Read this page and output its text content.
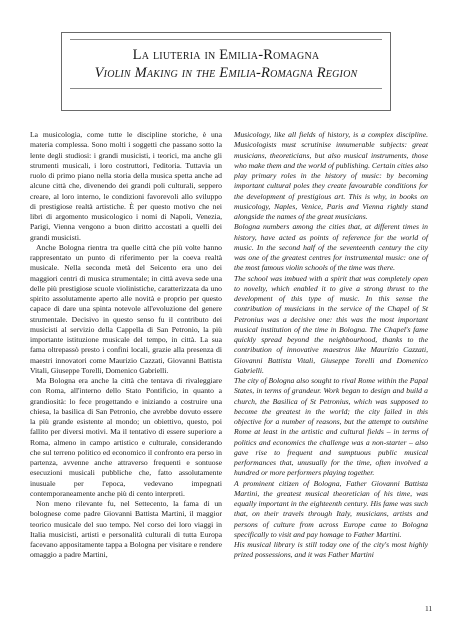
La liuteria in Emilia-Romagna
Violin Making in the Emilia-Romagna Region

La musicologia, come tutte le discipline storiche, è una materia complessa. Sono molti i soggetti che passano sotto la lente degli studiosi: i grandi musicisti, i teorici, ma anche gli strumenti musicali, i loro costruttori, l'editoria. Tuttavia un ruolo di primo piano nella storia della musica spetta anche ad alcune città che, divenendo dei grandi poli culturali, seppero creare, al loro interno, le condizioni favorevoli allo sviluppo di prestigiose realtà artistiche. È per questo motivo che nei libri di argomento musicologico i nomi di Napoli, Venezia, Parigi, Vienna vengono a buon diritto accostati a quelli dei grandi musicisti.

Anche Bologna rientra tra quelle città che più volte hanno rappresentato un punto di riferimento per la coeva realtà musicale. Nella seconda metà del Seicento era uno dei maggiori centri di musica strumentale; in città aveva sede una delle più prestigiose scuole violinistiche, caratterizzata da uno spirito assolutamente aperto alle novità e proprio per questo capace di dare una spinta notevole all'evoluzione del genere strumentale. Decisivo in questo senso fu il contributo dei musicisti al servizio della Cappella di San Petronio, la più importante istituzione musicale del tempo, in città. La sua fama oltrepassò presto i confini locali, grazie alla presenza di maestri innovatori come Maurizio Cazzati, Giovanni Battista Vitali, Giuseppe Torelli, Domenico Gabrielli.

Ma Bologna era anche la città che tentava di rivaleggiare con Roma, all'interno dello Stato Pontificio, in quanto a grandiosità: lo fece progettando e iniziando a costruire una chiesa, la basilica di San Petronio, che avrebbe dovuto essere la più grande esistente al mondo; un obiettivo, questo, poi fallito per diversi motivi. Ma il tentativo di essere superiore a Roma, almeno in campo artistico e culturale, considerando che sul terreno politico ed economico il confronto era perso in partenza, avvenne anche attraverso frequenti e sontuose esecuzioni musicali pubbliche che, fatto assolutamente inusuale per l'epoca, vedevano impegnati contemporaneamente anche più di cento interpreti.

Non meno rilevante fu, nel Settecento, la fama di un bolognese come padre Giovanni Battista Martini, il maggior teorico musicale del suo tempo. Nel corso dei loro viaggi in Italia musicisti, artisti e personalità culturali di tutta Europa facevano appositamente tappa a Bologna per visitare e rendere omaggio a padre Martini,

Musicology, like all fields of history, is a complex discipline. Musicologists must scrutinise innumerable subjects: great musicians, theoreticians, but also musical instruments, those who make them and the world of publishing. Certain cities also play primary roles in the history of music: by becoming important cultural poles they create favourable conditions for the development of prestigious art. This is why, in books on musicology, Naples, Venice, Paris and Vienna rightly stand alongside the names of the great musicians.

Bologna numbers among the cities that, at different times in history, have acted as points of reference for the world of music. In the second half of the seventeenth century the city was one of the greatest centres for instrumental music: one of the most famous violin schools of the time was there.

The school was imbued with a spirit that was completely open to novelty, which enabled it to give a strong thrust to the development of this type of music. In this sense the contribution of musicians in the service of the Chapel of St Petronius was a decisive one: this was the most important musical institution of the time in Bologna. The Chapel's fame quickly spread beyond the neighbourhood, thanks to the contribution of innovative maestros like Maurizio Cazzati, Giovanni Battista Vitali, Giuseppe Torelli and Domenico Gabrielli.

The city of Bologna also sought to rival Rome within the Papal States, in terms of grandeur. Work began to design and build a church, the Basilica of St Petronius, which was supposed to become the greatest in the world; the city failed in this objective for a number of reasons, but the attempt to outshine Rome at least in the artistic and cultural fields – in terms of politics and economics the challenge was a non-starter – also gave rise to frequent and sumptuous public musical performances that, unusually for the time, often involved a hundred or more performers playing together.

A prominent citizen of Bologna, Father Giovanni Battista Martini, the greatest musical theoretician of his time, was equally important in the eighteenth century. His fame was such that, on their travels through Italy, musicians, artists and persons of culture from across Europe came to Bologna specifically to visit and pay homage to Father Martini.

His musical library is still today one of the city's most highly prized possessions, and it was Father Martini

11
